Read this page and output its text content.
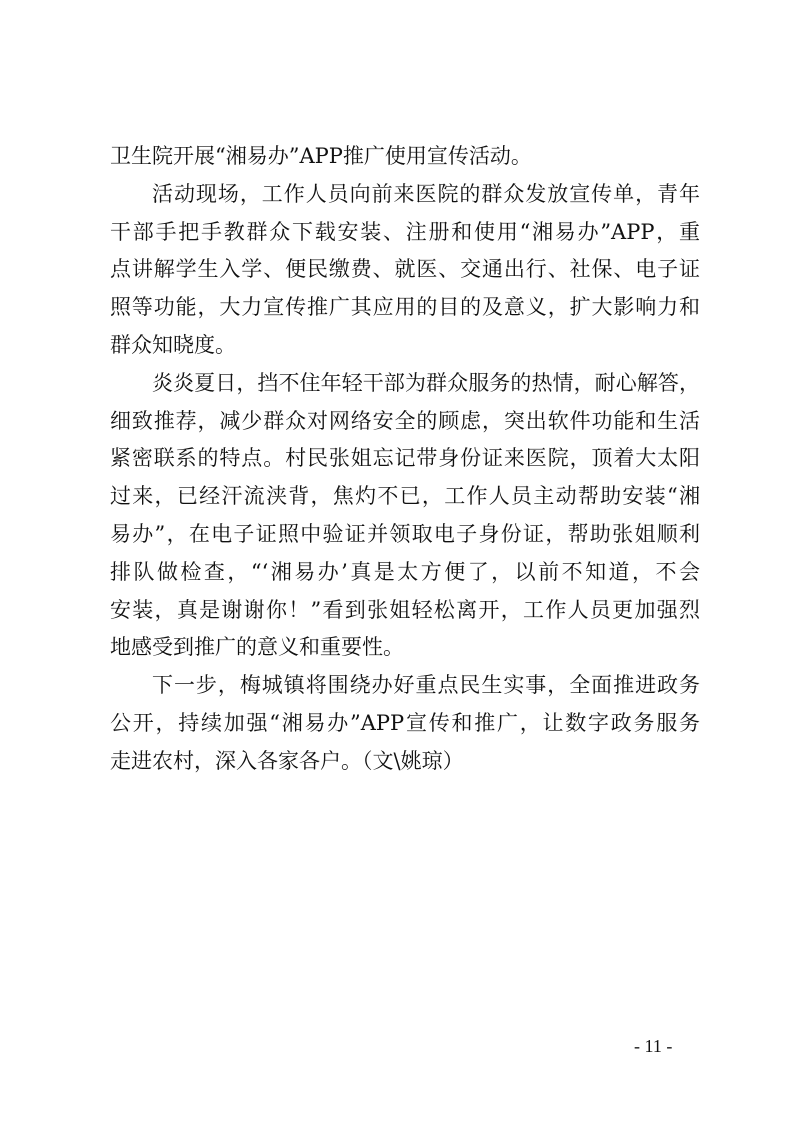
卫生院开展“湘易办”APP推广使用宣传活动。
活动现场，工作人员向前来医院的群众发放宣传单，青年
干部手把手教群众下载安装、注册和使用“湘易办”APP，重
点讲解学生入学、便民缴费、就医、交通出行、社保、电子证
照等功能，大力宣传推广其应用的目的及意义，扩大影响力和
群众知晓度。
炎炎夏日，挡不住年轻干部为群众服务的热情，耐心解答，
细致推荐，减少群众对网络安全的顾虑，突出软件功能和生活
紧密联系的特点。村民张姐忘记带身份证来医院，顶着大太阳
过来，已经汗流浃背，焦灼不已，工作人员主动帮助安装“湘
易办”，在电子证照中验证并领取电子身份证，帮助张姐顺利
排队做检查，“‘湘易办’真是太方便了，以前不知道，不会
安装，真是谢谢你！”看到张姐轻松离开，工作人员更加强烈
地感受到推广的意义和重要性。
下一步，梅城镇将围绕办好重点民生实事，全面推进政务
公开，持续加强“湘易办”APP宣传和推广，让数字政务服务
走进农村，深入各家各户。（文\姚琼）
- 11 -
